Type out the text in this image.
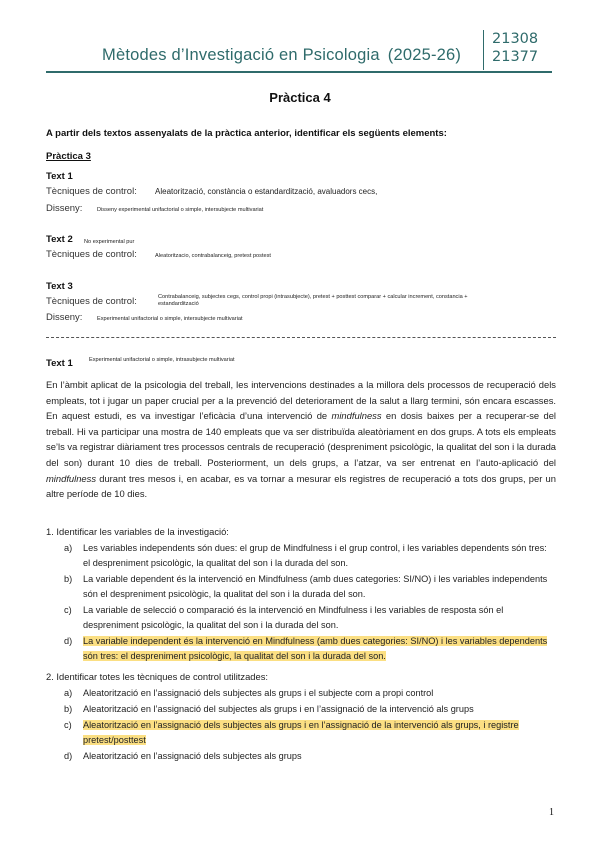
Mètodes d’Investigació en Psicologia (2025-26)
21308
21377
Pràctica 4
A partir dels textos assenyalats de la pràctica anterior, identificar els següents elements:
Pràctica 3
Text 1
Tècniques de control: Aleatorització, constància o estandardització, avaluadors cecs,
Disseny:	Disseny experimental unifactorial o simple, intersubjecte multivariat
Text 2 No experimental pur
Tècniques de control:	Aleatoritzacio, contrabalanceig, pretest postest
Text 3
Tècniques de control:	Contrabalanceig, subjectes cegs, control propi (intrasubjecte), pretest + posttest comparar + calcular increment, constancia +
estandardització
Disseny:	Experimental unifactorial o simple, intersubjecte multivariat
Text 1	Experimental unifactorial o simple, intrasubjecte multivariat
En l’àmbit aplicat de la psicologia del treball, les intervencions destinades a la millora dels processos de recuperació dels empleats, tot i jugar un paper crucial per a la prevenció del deteriorament de la salut a llarg termini, són encara escasses. En aquest estudi, es va investigar l’eficàcia d’una intervenció de mindfulness en dosis baixes per a recuperar-se del treball. Hi va participar una mostra de 140 empleats que va ser distribuïda aleatòriament en dos grups. A tots els empleats se’ls va registrar diàriament tres processos centrals de recuperació (despreniment psicològic, la qualitat del son i la durada del son) durant 10 dies de treball. Posteriorment, un dels grups, a l’atzar, va ser entrenat en l’auto-aplicació del mindfulness durant tres mesos i, en acabar, es va tornar a mesurar els registres de recuperació a tots dos grups, per un altre període de 10 dies.
1. Identificar les variables de la investigació:
a) Les variables independents són dues: el grup de Mindfulness i el grup control, i les variables dependents són tres: el despreniment psicològic, la qualitat del son i la durada del son.
b) La variable dependent és la intervenció en Mindfulness (amb dues categories: SI/NO) i les variables independents són el despreniment psicològic, la qualitat del son i la durada del son.
c) La variable de selecció o comparació és la intervenció en Mindfulness i les variables de resposta són el despreniment psicològic, la qualitat del son i la durada del son.
d) La variable independent és la intervenció en Mindfulness (amb dues categories: SI/NO) i les variables dependents són tres: el despreniment psicològic, la qualitat del son i la durada del son.
2. Identificar totes les tècniques de control utilitzades:
a) Aleatorització en l’assignació dels subjectes als grups i el subjecte com a propi control
b) Aleatorització en l’assignació del subjectes als grups i en l’assignació de la intervenció als grups
c) Aleatorització en l’assignació dels subjectes als grups i en l’assignació de la intervenció als grups, i registre pretest/posttest
d) Aleatorització en l’assignació dels subjectes als grups
1
